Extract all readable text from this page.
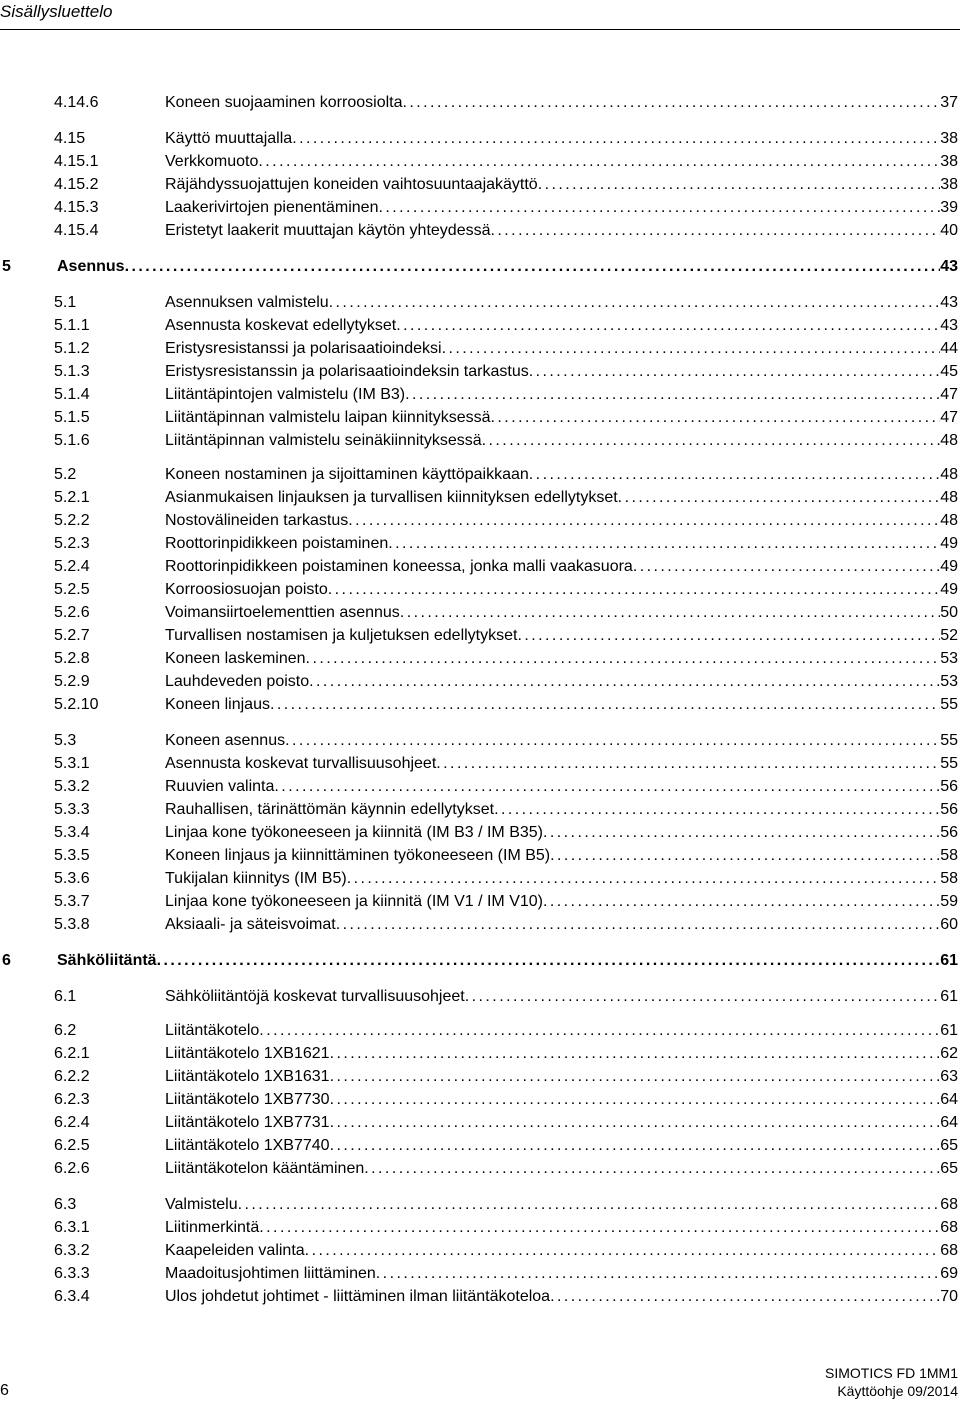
Sisällysluettelo
4.14.6	Koneen suojaaminen korroosiolta . . .	37
4.15	Käyttö muuttajalla . . .	38
4.15.1	Verkkomuoto . . .	38
4.15.2	Räjähdyssuojattujen koneiden vaihtosuuntaajakäyttö . . .	38
4.15.3	Laakerivirtojen pienentäminen . . .	39
4.15.4	Eristetyt laakerit muuttajan käytön yhteydessä . . .	40
5	Asennus . . .	43
5.1	Asennuksen valmistelu . . .	43
5.1.1	Asennusta koskevat edellytykset . . .	43
5.1.2	Eristysresistanssi ja polarisaatioindeksi . . .	44
5.1.3	Eristysresistanssin ja polarisaatioindeksin tarkastus . . .	45
5.1.4	Liitäntäpintojen valmistelu (IM B3) . . .	47
5.1.5	Liitäntäpinnan valmistelu laipan kiinnityksessä . . .	47
5.1.6	Liitäntäpinnan valmistelu seinäkiinnityksessä . . .	48
5.2	Koneen nostaminen ja sijoittaminen käyttöpaikkaan . . .	48
5.2.1	Asianmukaisen linjauksen ja turvallisen kiinnityksen edellytykset . . .	48
5.2.2	Nostovälineiden tarkastus . . .	48
5.2.3	Roottorinpidikkeen poistaminen . . .	49
5.2.4	Roottorinpidikkeen poistaminen koneessa, jonka malli vaakasuora . . .	49
5.2.5	Korroosiosuojan poisto . . .	49
5.2.6	Voimansiirtoelementtien asennus . . .	50
5.2.7	Turvallisen nostamisen ja kuljetuksen edellytykset . . .	52
5.2.8	Koneen laskeminen . . .	53
5.2.9	Lauhdeveden poisto . . .	53
5.2.10	Koneen linjaus . . .	55
5.3	Koneen asennus . . .	55
5.3.1	Asennusta koskevat turvallisuusohjeet . . .	55
5.3.2	Ruuvien valinta . . .	56
5.3.3	Rauhallisen, tärinättömän käynnin edellytykset . . .	56
5.3.4	Linjaa kone työkoneeseen ja kiinnitä (IM B3 / IM B35) . . .	56
5.3.5	Koneen linjaus ja kiinnittäminen työkoneeseen (IM B5) . . .	58
5.3.6	Tukijalan kiinnitys (IM B5) . . .	58
5.3.7	Linjaa kone työkoneeseen ja kiinnitä (IM V1 / IM V10) . . .	59
5.3.8	Aksiaali- ja säteisvoimat . . .	60
6	Sähköliitäntä . . .	61
6.1	Sähköliitäntöjä koskevat turvallisuusohjeet . . .	61
6.2	Liitäntäkotelo . . .	61
6.2.1	Liitäntäkotelo 1XB1621 . . .	62
6.2.2	Liitäntäkotelo 1XB1631 . . .	63
6.2.3	Liitäntäkotelo 1XB7730 . . .	64
6.2.4	Liitäntäkotelo 1XB7731 . . .	64
6.2.5	Liitäntäkotelo 1XB7740 . . .	65
6.2.6	Liitäntäkotelon kääntäminen . . .	65
6.3	Valmistelu . . .	68
6.3.1	Liitinmerkintä . . .	68
6.3.2	Kaapeleiden valinta . . .	68
6.3.3	Maadoitusjohtimen liittäminen . . .	69
6.3.4	Ulos johdetut johtimet - liittäminen ilman liitäntäkoteloa . . .	70
6
SIMOTICS FD 1MM1
Käyttöohje 09/2014
